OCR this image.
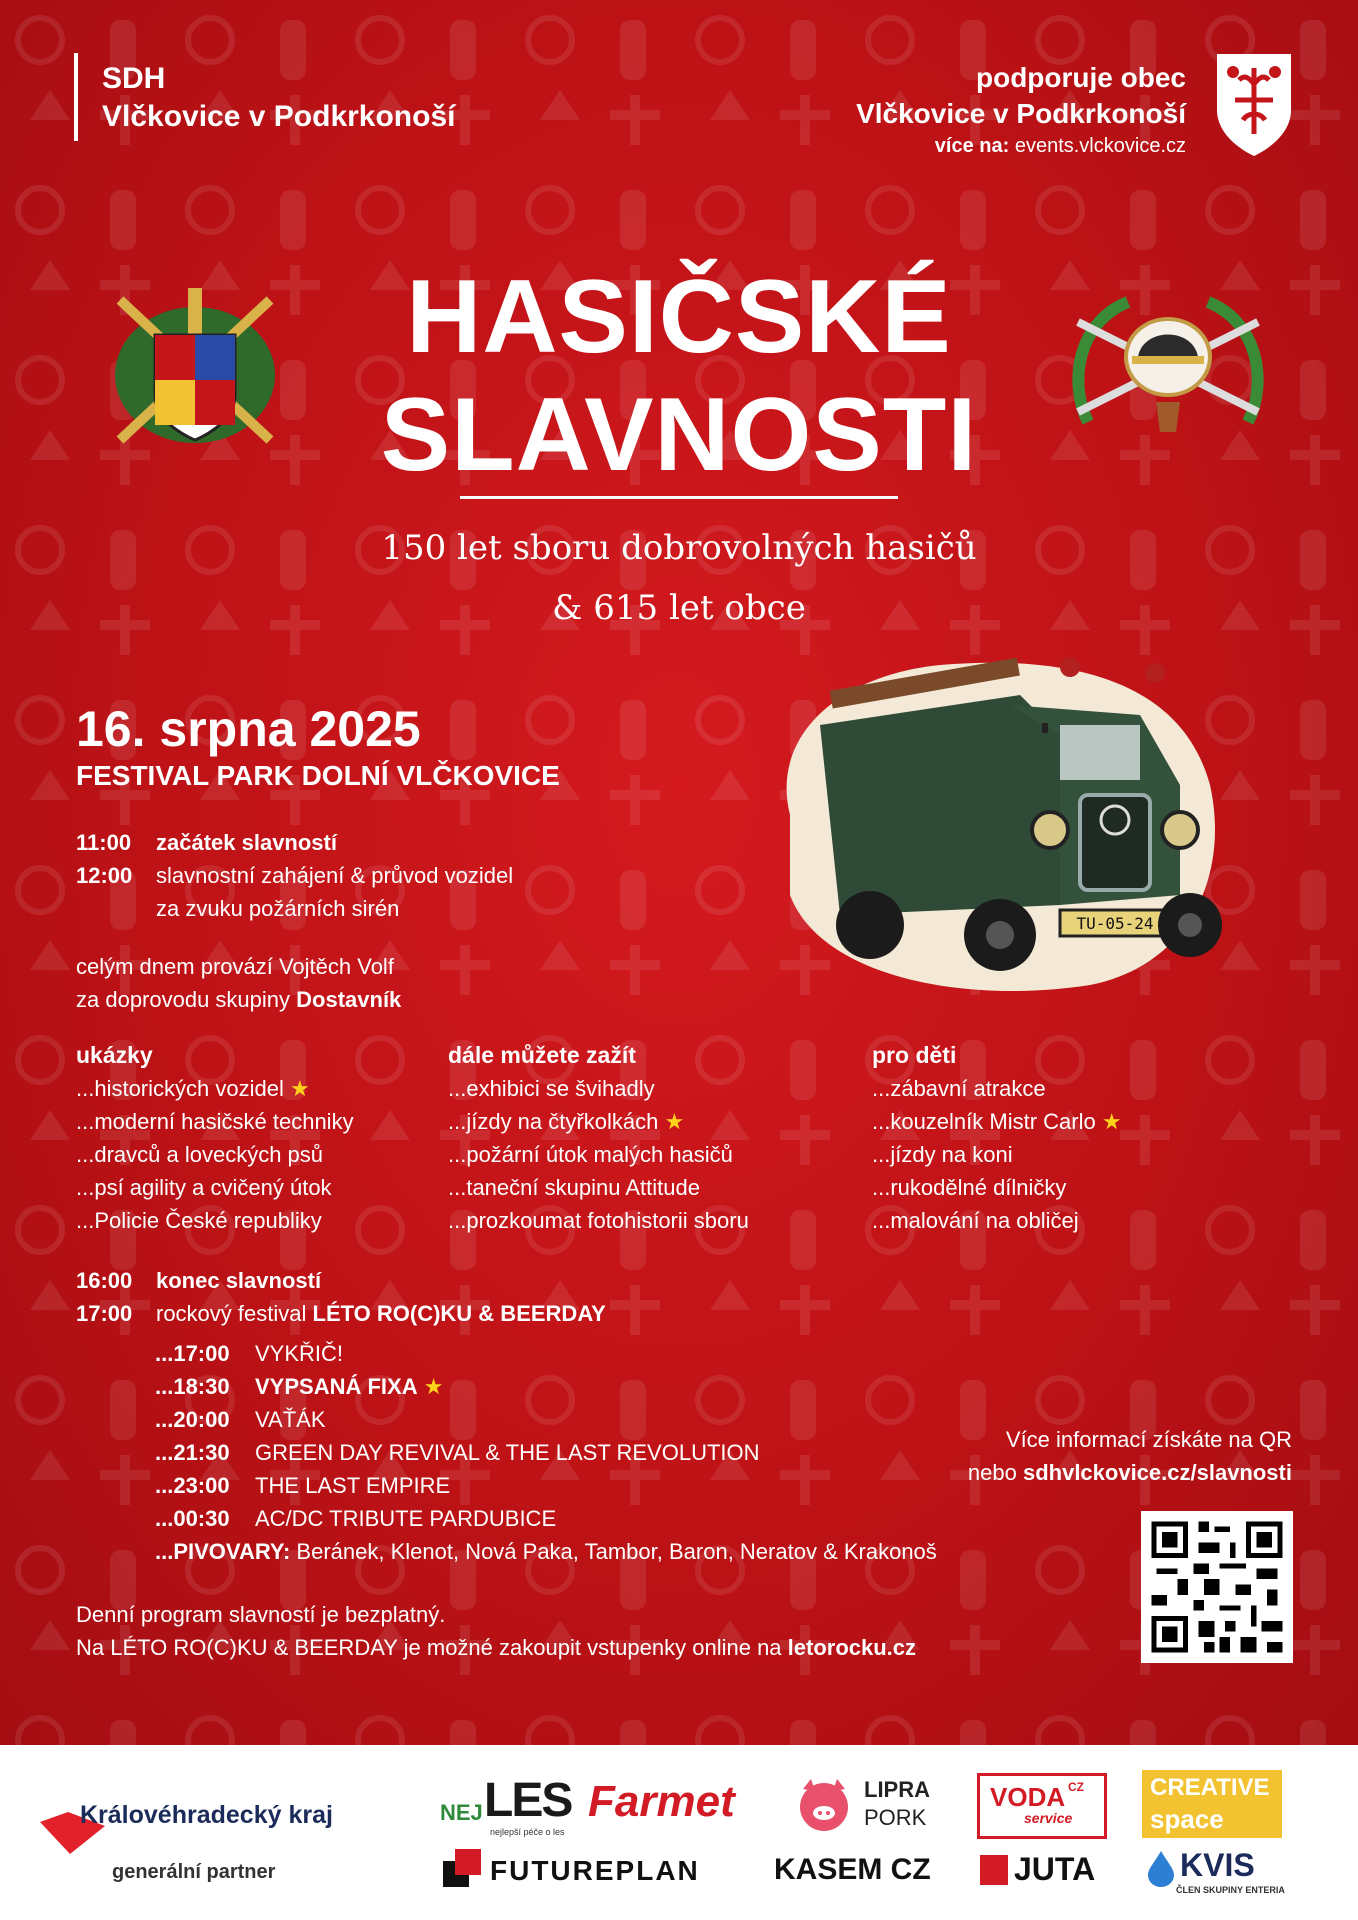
SDH
Vlčkovice v Podkrkonoší
podporuje obec
Vlčkovice v Podkrkonoší
více na: events.vlckovice.cz
HASIČSKÉ
SLAVNOSTI
150 let sboru dobrovolných hasičů
& 615 let obce
TU-05-24
16. srpna 2025
FESTIVAL PARK DOLNÍ VLČKOVICE
11:00 začátek slavností
12:00 slavnostní zahájení & průvod vozidel
za zvuku požárních sirén
celým dnem provází Vojtěch Volf
za doprovodu skupiny Dostavník
ukázky
...historických vozidel ★
...moderní hasičské techniky
...dravců a loveckých psů
...psí agility a cvičený útok
...Policie České republiky
dále můžete zažít
...exhibici se švihadly
...jízdy na čtyřkolkách ★
...požární útok malých hasičů
...taneční skupinu Attitude
...prozkoumat fotohistorii sboru
pro děti
...zábavní atrakce
...kouzelník Mistr Carlo ★
...jízdy na koni
...rukodělné dílničky
...malování na obličej
16:00 konec slavností
17:00 rockový festival LÉTO RO(C)KU & BEERDAY
...17:00 VYKŘIČ!
...18:30 VYPSANÁ FIXA ★
...20:00 VAŤÁK
...21:30 GREEN DAY REVIVAL & THE LAST REVOLUTION
...23:00 THE LAST EMPIRE
...00:30 AC/DC TRIBUTE PARDUBICE
...PIVOVARY: Beránek, Klenot, Nová Paka, Tambor, Baron, Neratov & Krakonoš
Více informací získáte na QR
nebo sdhvlckovice.cz/slavnosti
Denní program slavností je bezplatný.
Na LÉTO RO(C)KU & BEERDAY je možné zakoupit vstupenky online na letorocku.cz
Královéhradecký kraj
generální partner
NEJ LES
nejlepší péče o les
Farmet	LIPRA
PORK
VODA CZ
service
CREATIVE
space
FUTUREPLAN KASEM CZ	JUTA	KVIS
ČLEN SKUPINY ENTERIA
